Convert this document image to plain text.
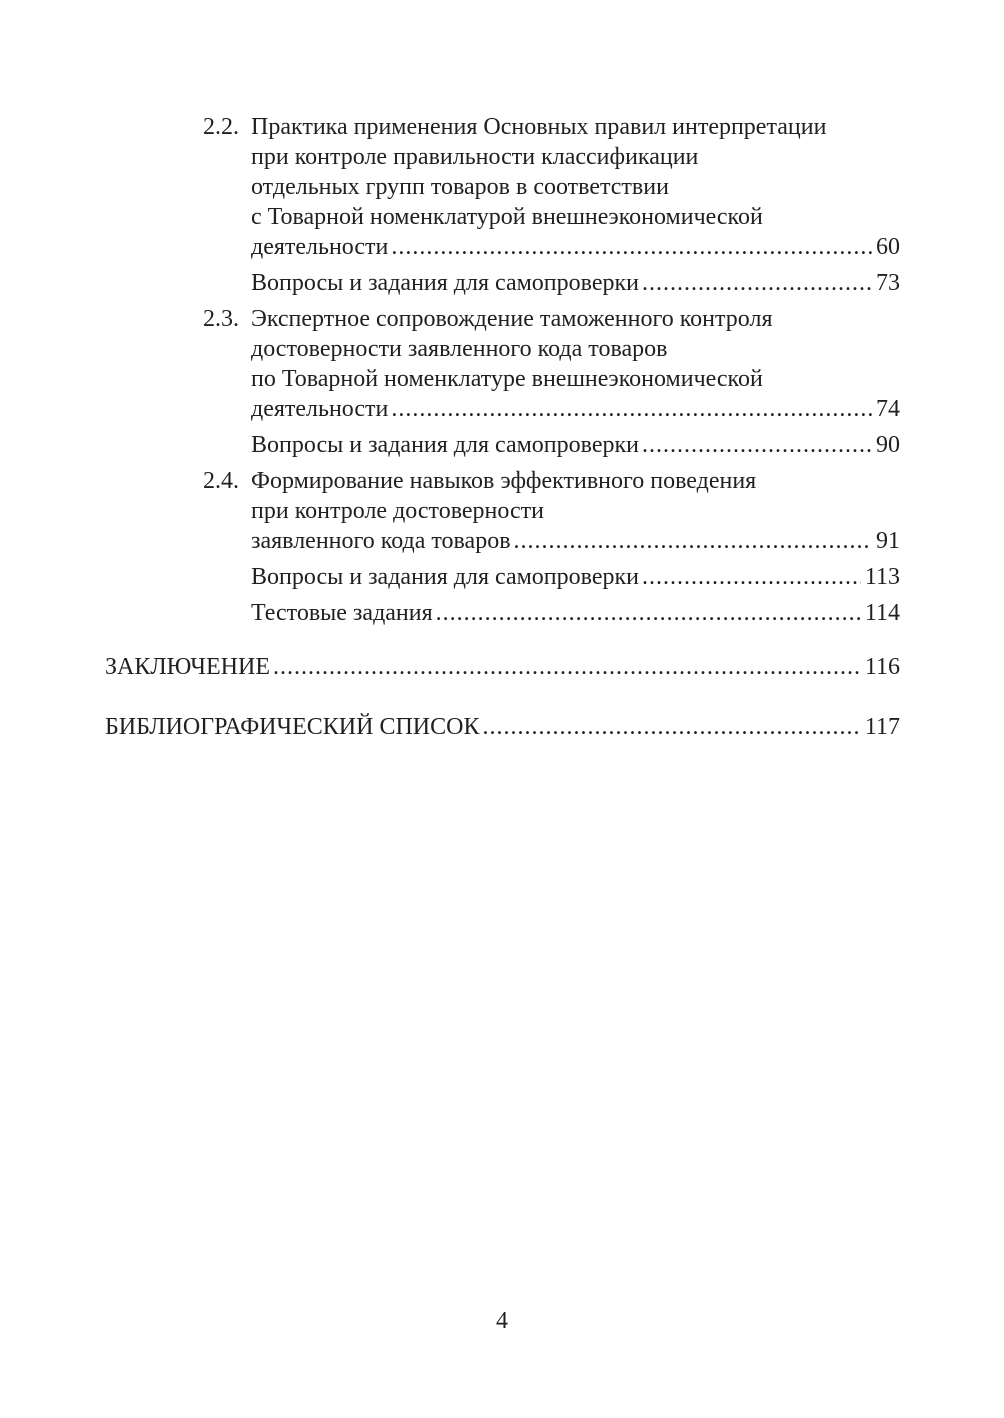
2.2. Практика применения Основных правил интерпретации
при контроле правильности классификации
отдельных групп товаров в соответствии
с Товарной номенклатурой внешнеэкономической
деятельности .....	60
Вопросы и задания для самопроверки .....	73
2.3. Экспертное сопровождение таможенного контроля
достоверности заявленного кода товаров
по Товарной номенклатуре внешнеэкономической
деятельности .....	74
Вопросы и задания для самопроверки .....	90
2.4. Формирование навыков эффективного поведения
при контроле достоверности
заявленного кода товаров .....	91
Вопросы и задания для самопроверки .....	113
Тестовые задания .....	114
ЗАКЛЮЧЕНИЕ .....	116
БИБЛИОГРАФИЧЕСКИЙ СПИСОК .....	117
4
